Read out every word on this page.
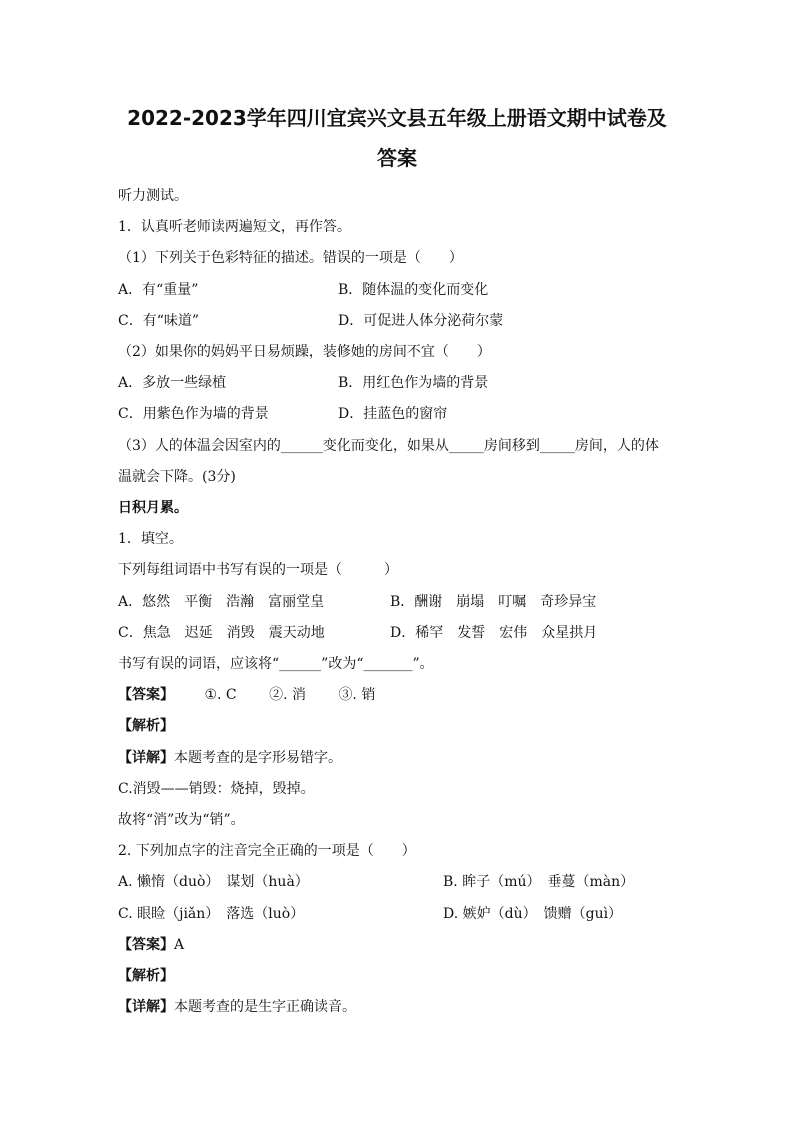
2022-2023学年四川宜宾兴文县五年级上册语文期中试卷及
答案
听力测试。
1．认真听老师读两遍短文，再作答。
（1）下列关于色彩特征的描述。错误的一项是（　　）
A．有“重量”	B．随体温的变化而变化
C．有“味道”	D．可促进人体分泌荷尔蒙
（2）如果你的妈妈平日易烦躁，装修她的房间不宜（　　）
A．多放一些绿植	B．用红色作为墙的背景
C．用紫色作为墙的背景	D．挂蓝色的窗帘
（3）人的体温会因室内的______变化而变化，如果从_____房间移到_____房间，人的体
温就会下降。(3分)
日积月累。
1．填空。
下列每组词语中书写有误的一项是（　　　）
A．悠然　平衡　浩瀚　富丽堂皇	B．酬谢　崩塌　叮嘱　奇珍异宝
C．焦急　迟延　消毁　震天动地	D．稀罕　发誓　宏伟　众星拱月
书写有误的词语，应该将“______”改为“_______”。
【答案】 ①. C ②. 消 ③. 销
【解析】
【详解】本题考查的是字形易错字。
C.消毁——销毁：烧掉，毁掉。
故将“消”改为“销”。
2. 下列加点字的注音完全正确的一项是（　　）
A. 懒惰（duò）　谋划（huà）	B. 眸子（mú）　垂蔓（màn）
C. 眼睑（jiǎn）　落选（luò）	D. 嫉妒（dù）　馈赠（guì）
【答案】A
【解析】
【详解】本题考查的是生字正确读音。
